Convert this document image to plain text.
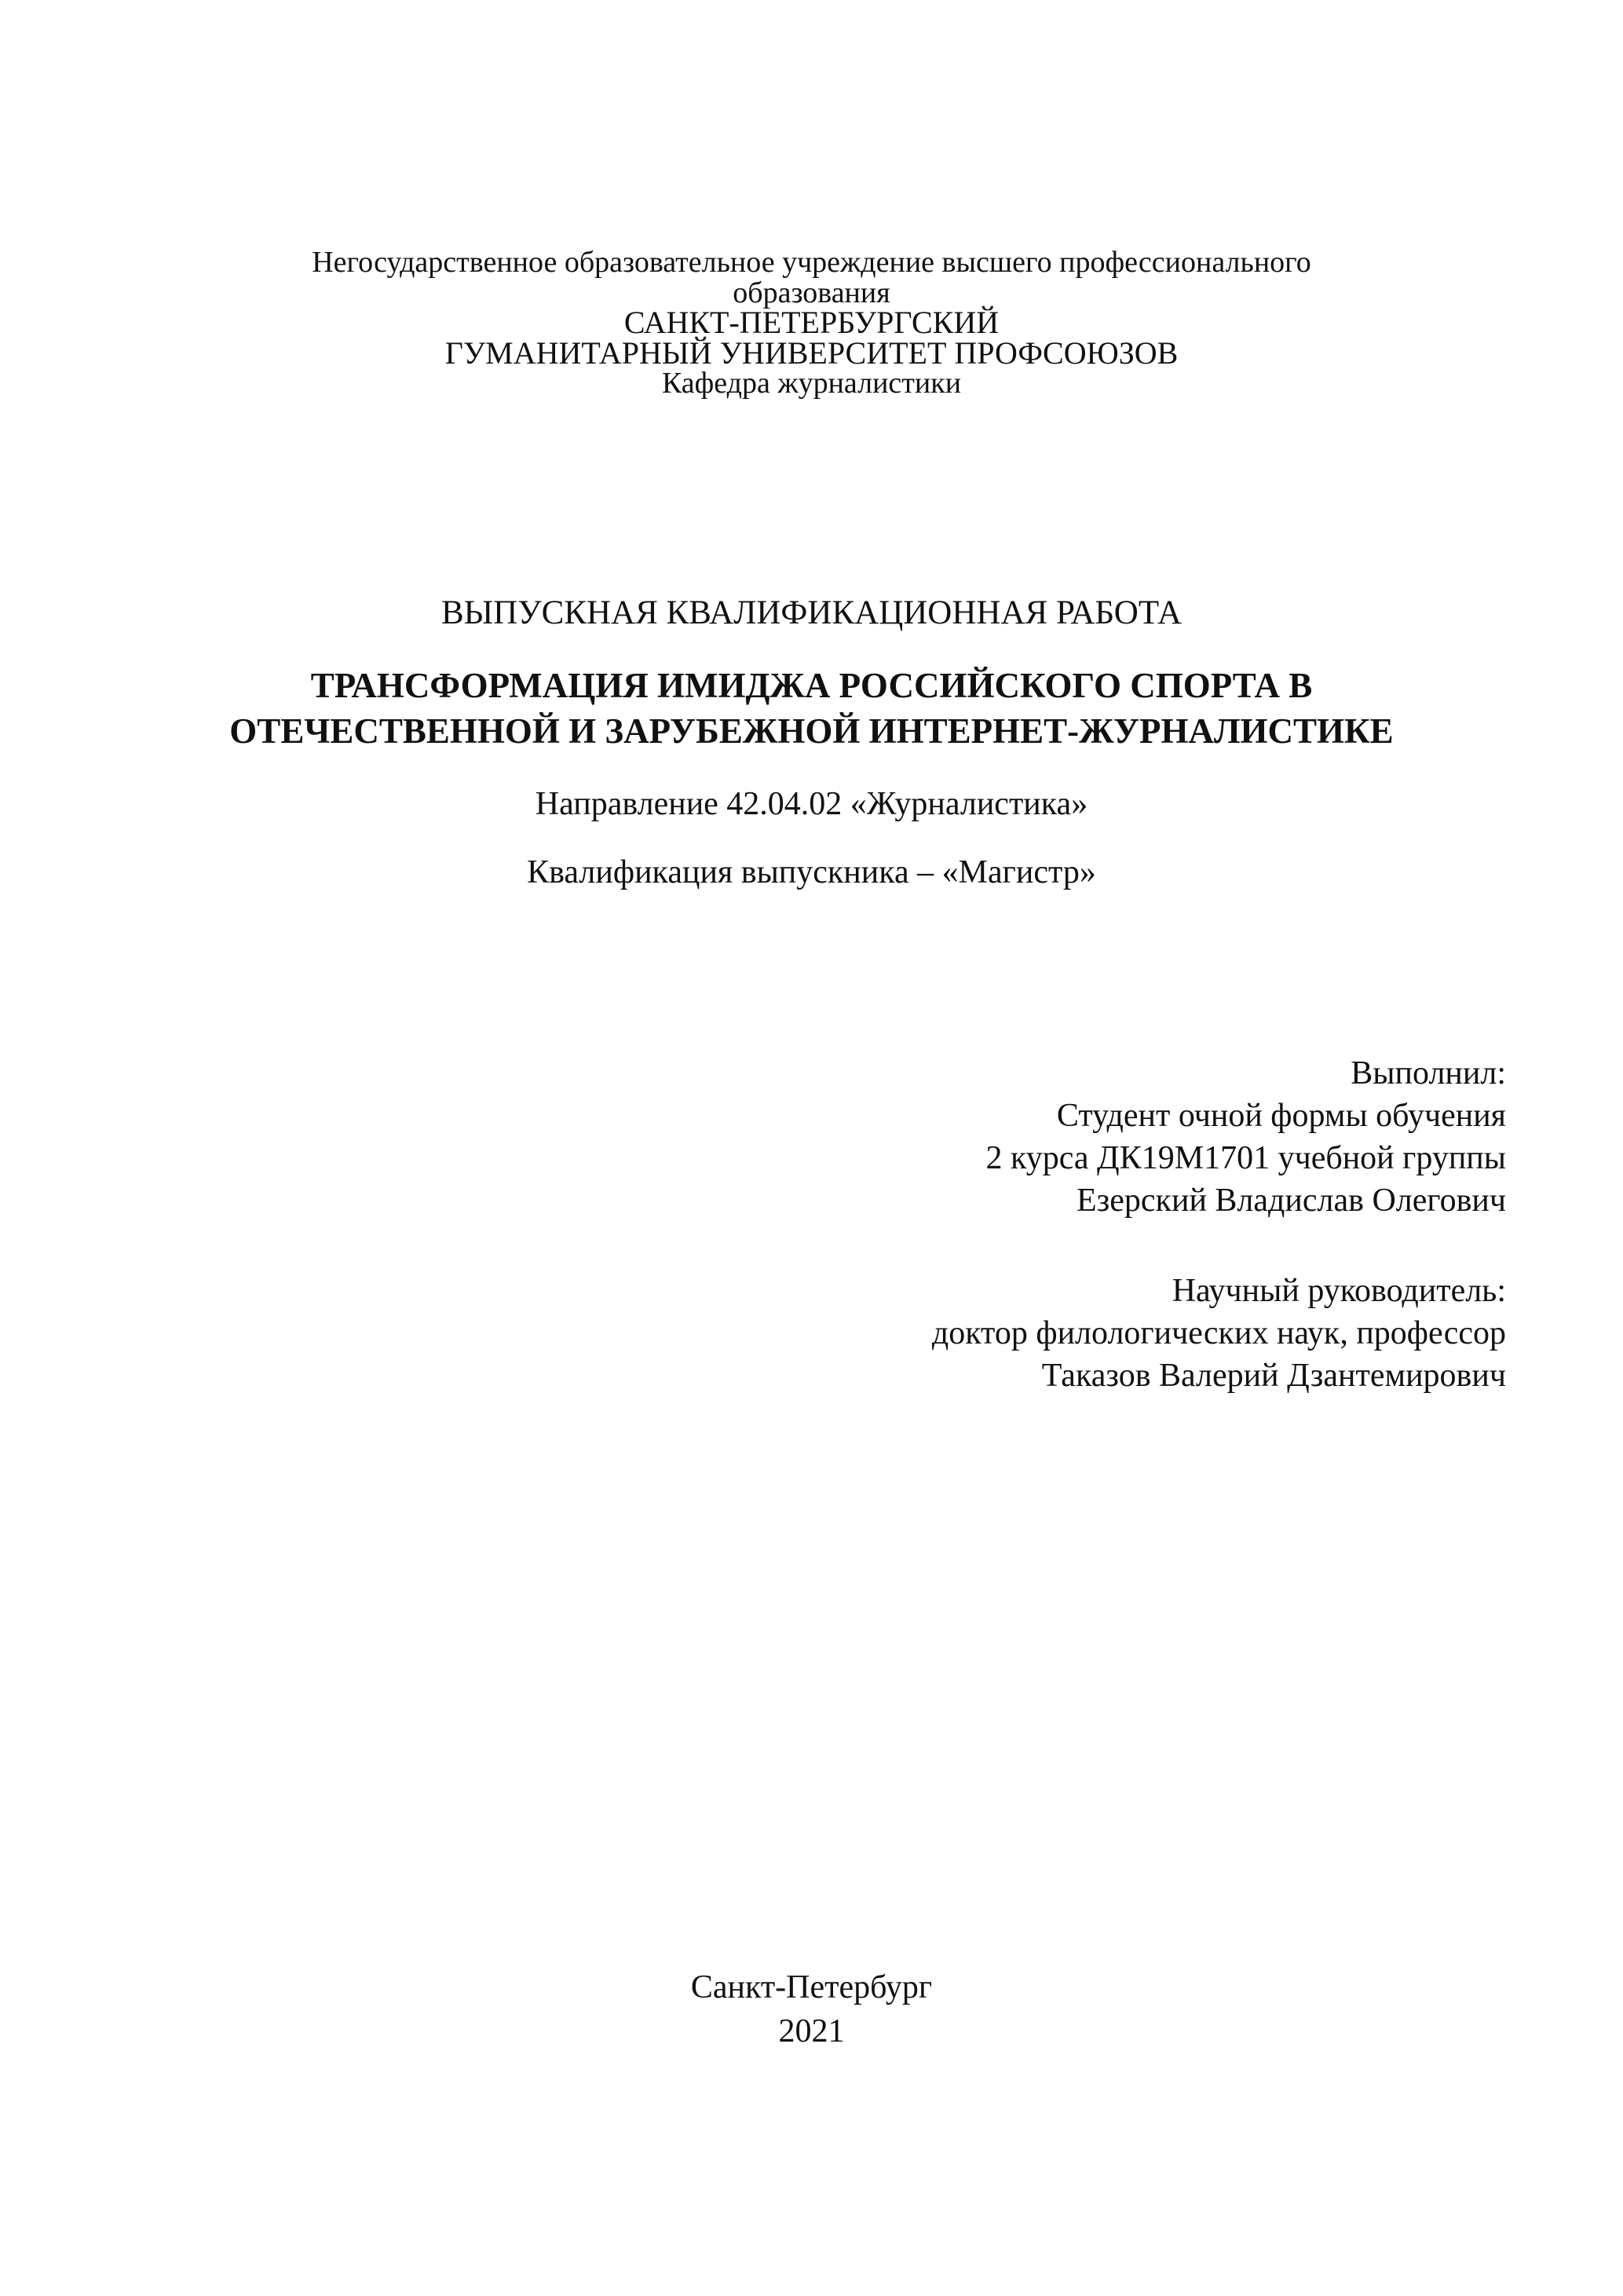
Негосударственное образовательное учреждение высшего профессионального
образования
САНКТ-ПЕТЕРБУРГСКИЙ
ГУМАНИТАРНЫЙ УНИВЕРСИТЕТ ПРОФСОЮЗОВ
Кафедра журналистики
ВЫПУСКНАЯ КВАЛИФИКАЦИОННАЯ РАБОТА
ТРАНСФОРМАЦИЯ ИМИДЖА РОССИЙСКОГО СПОРТА В
ОТЕЧЕСТВЕННОЙ И ЗАРУБЕЖНОЙ ИНТЕРНЕТ-ЖУРНАЛИСТИКЕ
Направление 42.04.02 «Журналистика»
Квалификация выпускника – «Магистр»
Выполнил:
Студент очной формы обучения
2 курса ДК19М1701 учебной группы
Езерский Владислав Олегович
Научный руководитель:
доктор филологических наук, профессор
Таказов Валерий Дзантемирович
Санкт-Петербург
2021
